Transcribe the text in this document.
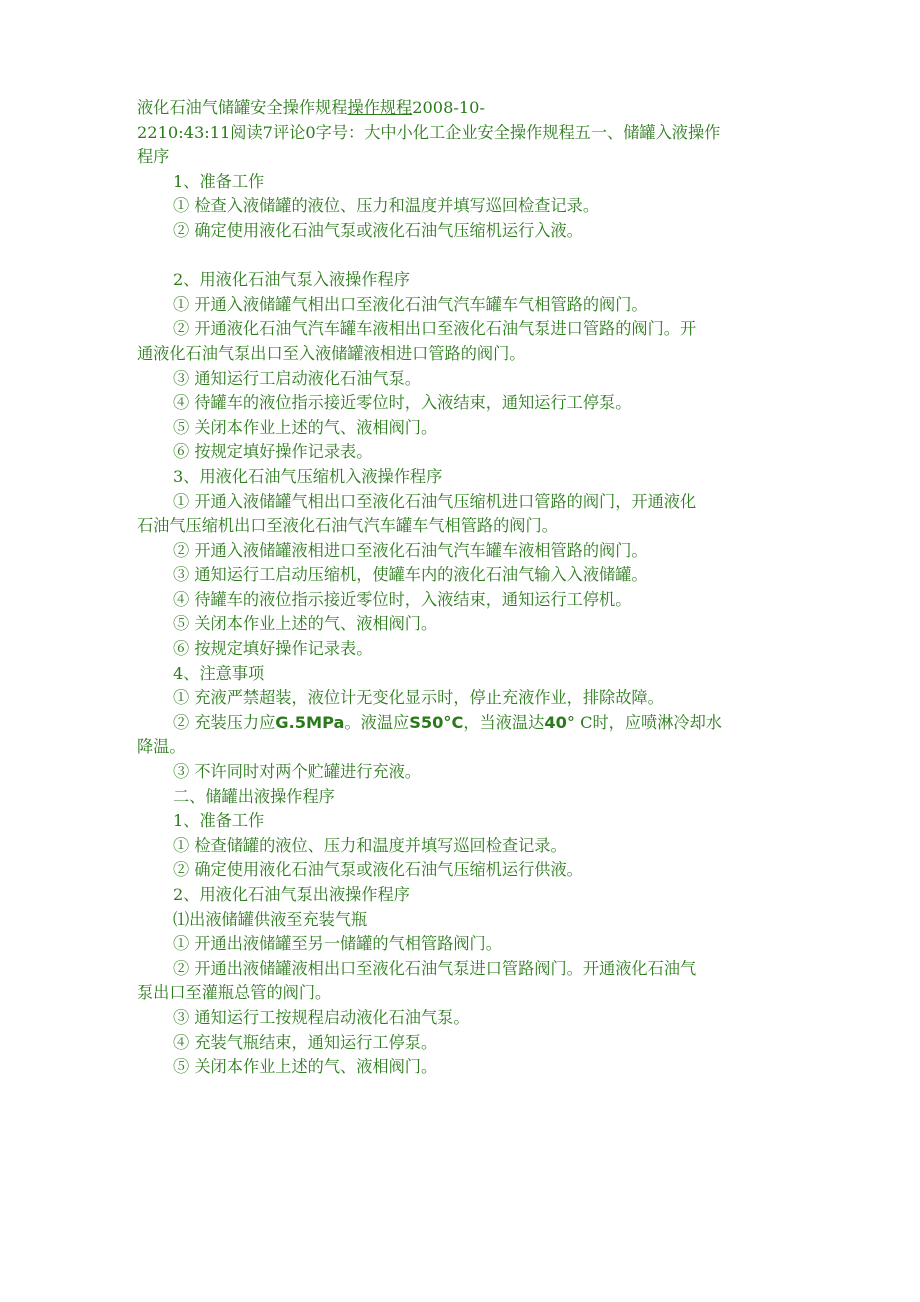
液化石油气储罐安全操作规程操作规程2008-10-
2210:43:11阅读7评论0字号：大中小化工企业安全操作规程五一、储罐入液操作
程序
1、准备工作
① 检查入液储罐的液位、压力和温度并填写巡回检查记录。
② 确定使用液化石油气泵或液化石油气压缩机运行入液。
2、用液化石油气泵入液操作程序
① 开通入液储罐气相出口至液化石油气汽车罐车气相管路的阀门。
② 开通液化石油气汽车罐车液相出口至液化石油气泵进口管路的阀门。开
通液化石油气泵出口至入液储罐液相进口管路的阀门。
③ 通知运行工启动液化石油气泵。
④ 待罐车的液位指示接近零位时，入液结束，通知运行工停泵。
⑤ 关闭本作业上述的气、液相阀门。
⑥ 按规定填好操作记录表。
3、用液化石油气压缩机入液操作程序
① 开通入液储罐气相出口至液化石油气压缩机进口管路的阀门，开通液化
石油气压缩机出口至液化石油气汽车罐车气相管路的阀门。
② 开通入液储罐液相进口至液化石油气汽车罐车液相管路的阀门。
③ 通知运行工启动压缩机，使罐车内的液化石油气输入入液储罐。
④ 待罐车的液位指示接近零位时，入液结束，通知运行工停机。
⑤ 关闭本作业上述的气、液相阀门。
⑥ 按规定填好操作记录表。
4、注意事项
① 充液严禁超装，液位计无变化显示时，停止充液作业，排除故障。
② 充装压力应G.5MPa。液温应S50°C，当液温达40° C时，应喷淋冷却水
降温。
③ 不许同时对两个贮罐进行充液。
二、储罐出液操作程序
1、准备工作
① 检查储罐的液位、压力和温度并填写巡回检查记录。
② 确定使用液化石油气泵或液化石油气压缩机运行供液。
2、用液化石油气泵出液操作程序
⑴出液储罐供液至充装气瓶
① 开通出液储罐至另一储罐的气相管路阀门。
② 开通出液储罐液相出口至液化石油气泵进口管路阀门。开通液化石油气
泵出口至灌瓶总管的阀门。
③ 通知运行工按规程启动液化石油气泵。
④ 充装气瓶结束，通知运行工停泵。
⑤ 关闭本作业上述的气、液相阀门。
